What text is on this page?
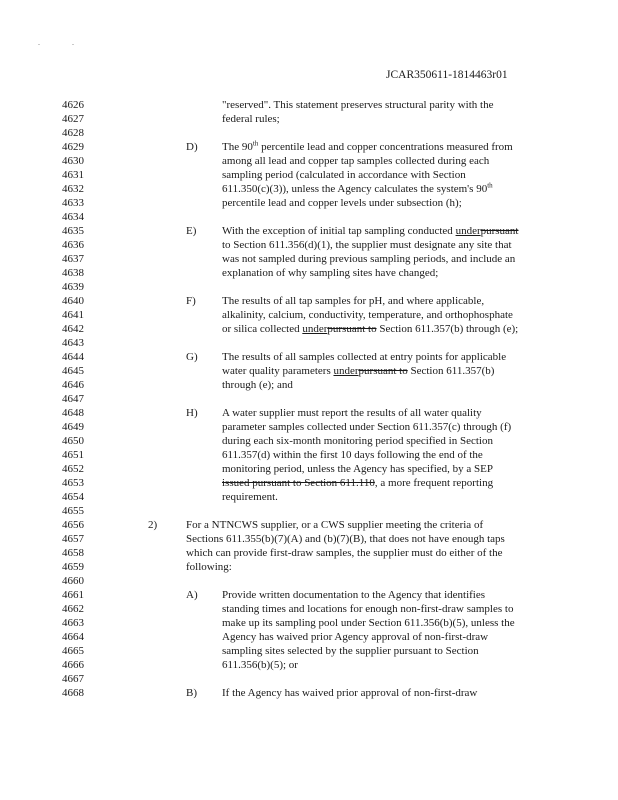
.	.
JCAR350611-1814463r01
4626
4627
4628
4629
4630
4631
4632
4633
4634
4635
4636
4637
4638
4639
4640
4641
4642
4643
4644
4645
4646
4647
4648
4649
4650
4651
4652
4653
4654
4655
4656
4657
4658
4659
4660
4661
4662
4663
4664
4665
4666
4667
4668
"reserved". This statement preserves structural parity with the
federal rules;
D) The 90th percentile lead and copper concentrations measured from
among all lead and copper tap samples collected during each
sampling period (calculated in accordance with Section
611.350(c)(3)), unless the Agency calculates the system's 90th
percentile lead and copper levels under subsection (h);
E) With the exception of initial tap sampling conducted underpursuant
to Section 611.356(d)(1), the supplier must designate any site that
was not sampled during previous sampling periods, and include an
explanation of why sampling sites have changed;
F) The results of all tap samples for pH, and where applicable,
alkalinity, calcium, conductivity, temperature, and orthophosphate
or silica collected underpursuant to Section 611.357(b) through (e);
G) The results of all samples collected at entry points for applicable
water quality parameters underpursuant to Section 611.357(b)
through (e); and
H) A water supplier must report the results of all water quality
parameter samples collected under Section 611.357(c) through (f)
during each six-month monitoring period specified in Section
611.357(d) within the first 10 days following the end of the
monitoring period, unless the Agency has specified, by a SEP
issued pursuant to Section 611.110, a more frequent reporting
requirement.
2)	For a NTNCWS supplier, or a CWS supplier meeting the criteria of
Sections 611.355(b)(7)(A) and (b)(7)(B), that does not have enough taps
which can provide first-draw samples, the supplier must do either of the
following:
A) Provide written documentation to the Agency that identifies
standing times and locations for enough non-first-draw samples to
make up its sampling pool under Section 611.356(b)(5), unless the
Agency has waived prior Agency approval of non-first-draw
sampling sites selected by the supplier pursuant to Section
611.356(b)(5); or
B) If the Agency has waived prior approval of non-first-draw
